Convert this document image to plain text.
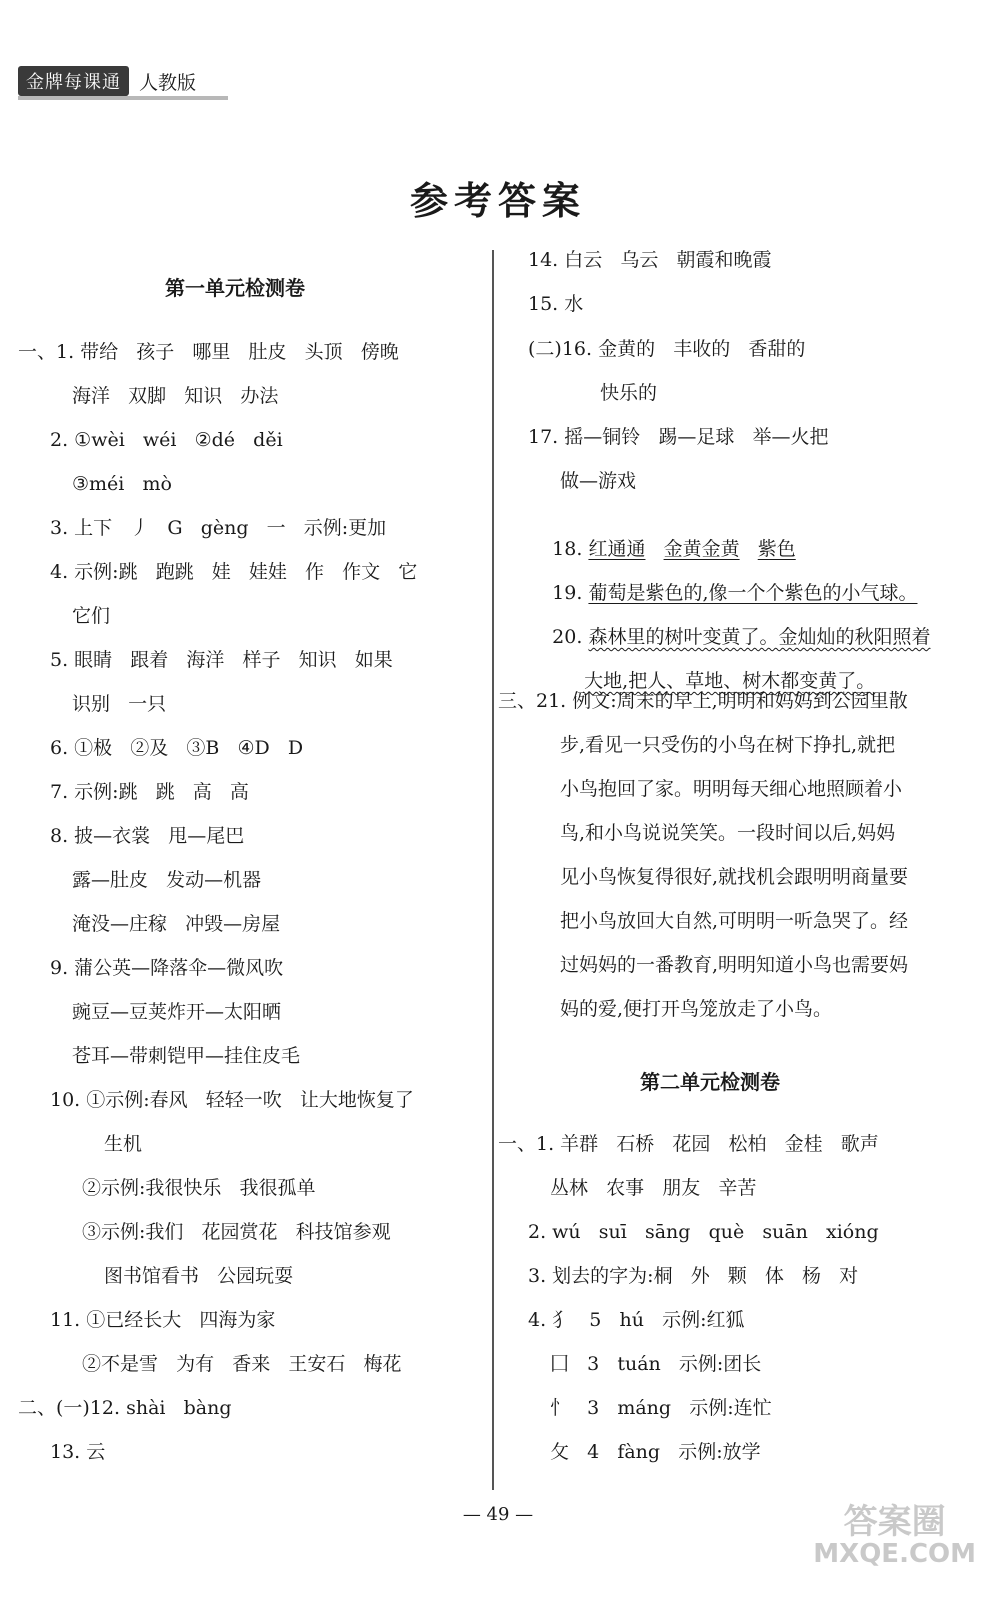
金牌每课通 人教版
参考答案
第一单元检测卷
一、1. 带给   孩子   哪里   肚皮   头顶   傍晚
海洋   双脚   知识   办法
2. ①wèi   wéi   ②dé   děi
③méi   mò
3. 上下   丿   G   gèng   一   示例:更加
4. 示例:跳   跑跳   娃   娃娃   作   作文   它
它们
5. 眼睛   跟着   海洋   样子   知识   如果
识别   一只
6. ①极   ②及   ③B   ④D   D
7. 示例:跳   跳   高   高
8. 披—衣裳   甩—尾巴
露—肚皮   发动—机器
淹没—庄稼   冲毁—房屋
9. 蒲公英—降落伞—微风吹
豌豆—豆荚炸开—太阳晒
苍耳—带刺铠甲—挂住皮毛
10. ①示例:春风   轻轻一吹   让大地恢复了
生机
②示例:我很快乐   我很孤单
③示例:我们   花园赏花   科技馆参观
图书馆看书   公园玩耍
11. ①已经长大   四海为家
②不是雪   为有   香来   王安石   梅花
二、(一)12. shài   bàng
13. 云
14. 白云   乌云   朝霞和晚霞
15. 水
(二)16. 金黄的   丰收的   香甜的
快乐的
17. 摇—铜铃   踢—足球   举—火把
做—游戏

18. 红通通 金黄金黄 紫色

19. 葡萄是紫色的,像一个个紫色的小气球。

20. 森林里的树叶变黄了。金灿灿的秋阳照着

大地,把人、草地、树木都变黄了。

三、21. 例文:周末的早上,明明和妈妈到公园里散
步,看见一只受伤的小鸟在树下挣扎,就把
小鸟抱回了家。明明每天细心地照顾着小
鸟,和小鸟说说笑笑。一段时间以后,妈妈
见小鸟恢复得很好,就找机会跟明明商量要
把小鸟放回大自然,可明明一听急哭了。经
过妈妈的一番教育,明明知道小鸟也需要妈
妈的爱,便打开鸟笼放走了小鸟。
第二单元检测卷
一、1. 羊群   石桥   花园   松柏   金桂   歌声
丛林   农事   朋友   辛苦
2. wú   suī   sāng   què   suān   xióng
3. 划去的字为:桐   外   颗   体   杨   对
4. 犭   5   hú   示例:红狐
囗   3   tuán   示例:团长
忄   3   máng   示例:连忙
攵   4   fàng   示例:放学
— 49 —	答案圈
MXQE.COM
